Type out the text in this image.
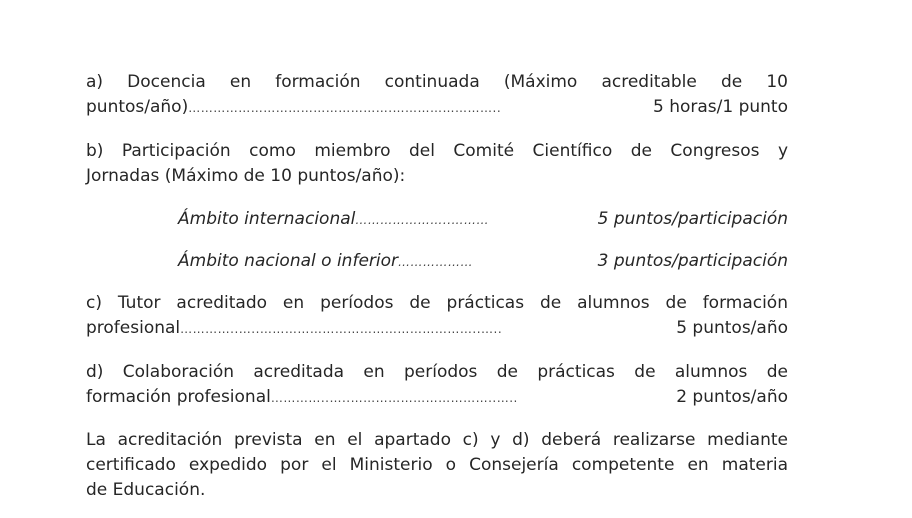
a) Docencia en formación continuada (Máximo acreditable de 10
puntos/año) ………………………………………….……………………..	5 horas/1 punto
b) Participación como miembro del Comité Científico de Congresos y
Jornadas (Máximo de 10 puntos/año):
Ámbito internacional …………………..………	5 puntos/participación
Ámbito nacional o inferior ………………	3 puntos/participación
c) Tutor acreditado en períodos de prácticas de alumnos de formación
profesional …………..…..……………………………………………..…..	5 puntos/año
d) Colaboración acreditada en períodos de prácticas de alumnos de
formación profesional …………..…..……………………………..…..	2 puntos/año
La acreditación prevista en el apartado c) y d) deberá realizarse mediante
certificado expedido por el Ministerio o Consejería competente en materia
de Educación.
